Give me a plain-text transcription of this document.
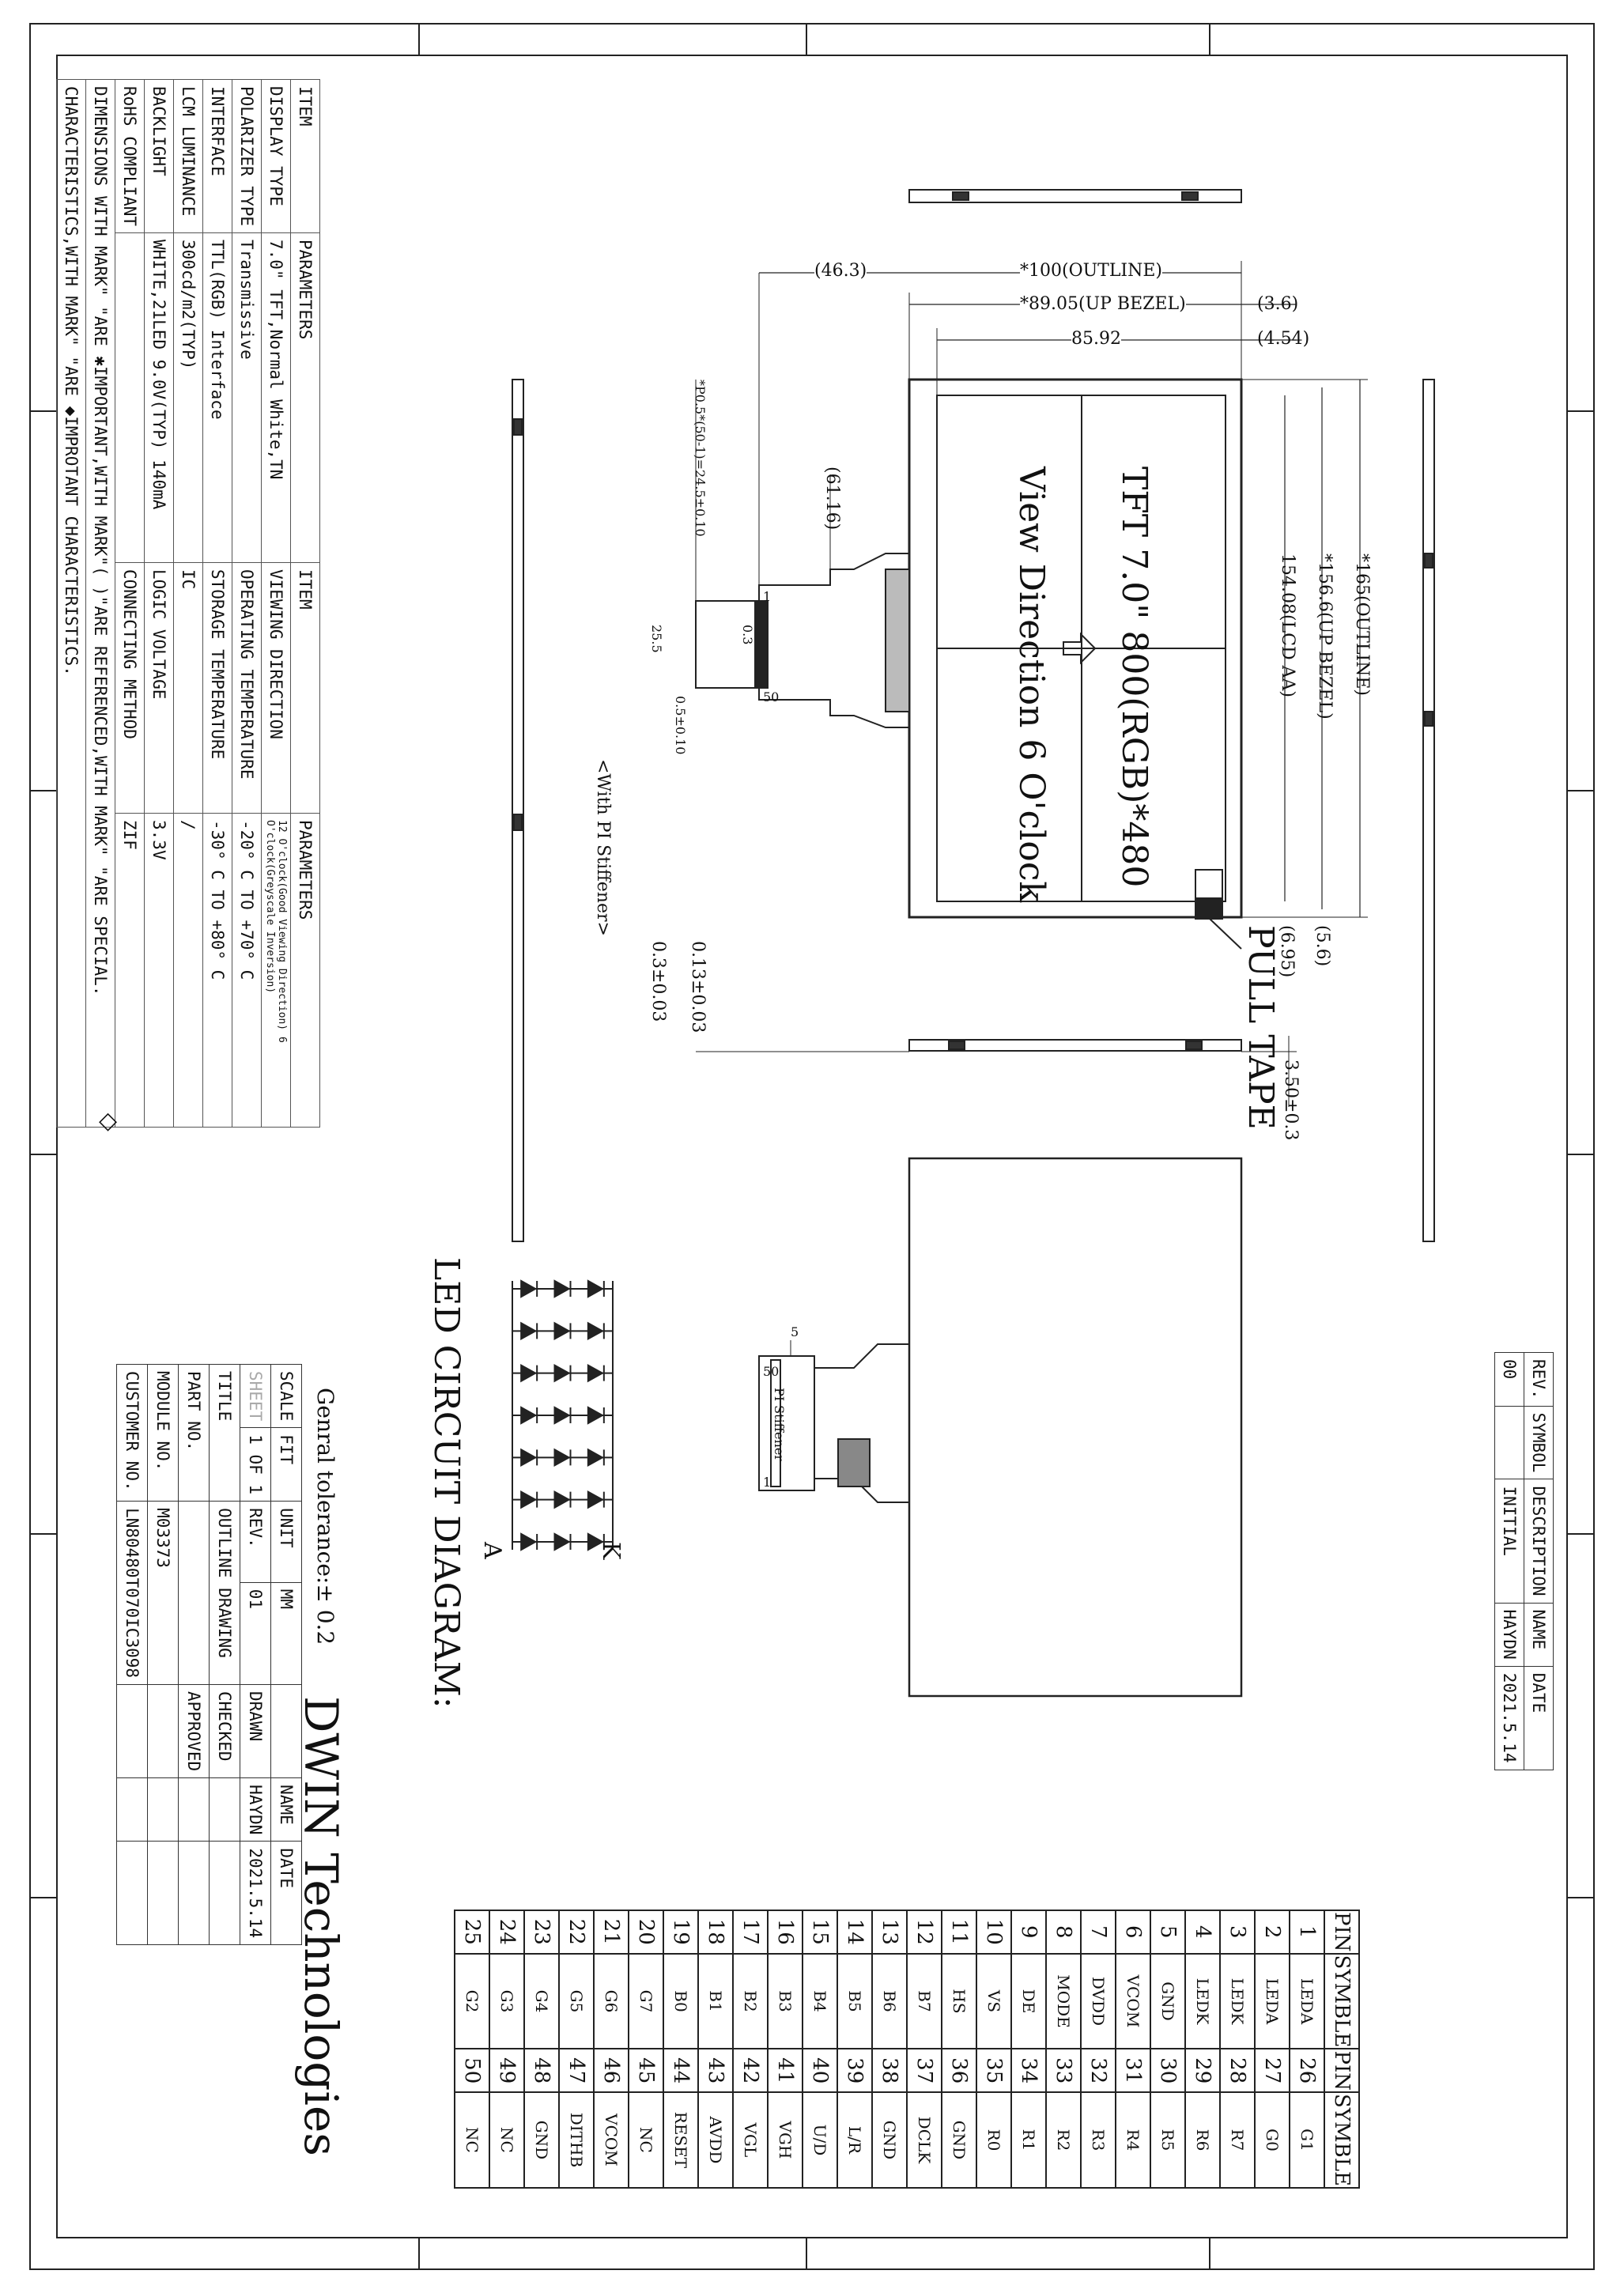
*100(OUTLINE)
*89.05(UP BEZEL)
85.92
(46.3)
(3.6)
(4.54)
*165(OUTLINE)
*156.6(UP BEZEL)
154.08(LCD AA)
(61.16)
*P0.5*(50-1)=24.5±0.10
0.3
25.5
0.5±0.10
1
50
(5.6)
(6.95)
3.50±0.3
0.13±0.03
0.3±0.03
TFT 7.0" 800(RGB)*480
View Direction 6 O'clock
PULL TAPE
<With PI Stiffener>
PI Stiffener
5
50
1
LED CIRCUIT DIAGRAM:	K
A
ITEM	PARAMETERS	ITEM	PARAMETERS
DISPLAY TYPE	7.0" TFT,Normal White,TN	VIEWING DIRECTION	12 O'clock(Good Viewing Direction) 6 O'clock(Greyscale Inversion)
POLARIZER TYPE	Transmissive	OPERATING TEMPERATURE	-20° C TO +70° C
INTERFACE	TTL(RGB) Interface	STORAGE TEMPERATURE	-30° C TO +80° C
LCM LUMINANCE	300cd/m2(TYP)	IC	/
BACKLIGHT	WHITE,21LED 9.0V(TYP) 140mA	LOGIC VOLTAGE	3.3V
RoHS COMPLIANT		CONNECTING METHOD	ZIF
DIMENSIONS WITH MARK" "ARE ✱IMPORTANT,WITH MARK"( )"ARE REFERENCED,WITH MARK" "ARE SPECIAL.			
CHARACTERISTICS,WITH MARK" "ARE ◆IMPROTANT CHARACTERISTICS.			
◇
Genral tolerance:± 0.2
DWIN Technologies
SCALE	FIT	UNIT	MM		NAME	DATE
SHEET	1 OF 1	REV.	01	DRAWN	HAYDN	2021.5.14
TITLE		OUTLINE DRAWING		CHECKED		
PART NO.				APPROVED		
MODULE NO.		M03373				
CUSTOMER NO.		LN80480T070IC3098				
REV.	SYMBOL	DESCRIPTION	NAME	DATE
00		INITIAL	HAYDN	2021.5.14
PIN	SYMBLE	PIN	SYMBLE
1	LEDA	26	G1
2	LEDA	27	G0
3	LEDK	28	R7
4	LEDK	29	R6
5	GND	30	R5
6	VCOM	31	R4
7	DVDD	32	R3
8	MODE	33	R2
9	DE	34	R1
10	VS	35	R0
11	HS	36	GND
12	B7	37	DCLK
13	B6	38	GND
14	B5	39	L/R
15	B4	40	U/D
16	B3	41	VGH
17	B2	42	VGL
18	B1	43	AVDD
19	B0	44	RESET
20	G7	45	NC
21	G6	46	VCOM
22	G5	47	DITHB
23	G4	48	GND
24	G3	49	NC
25	G2	50	NC
